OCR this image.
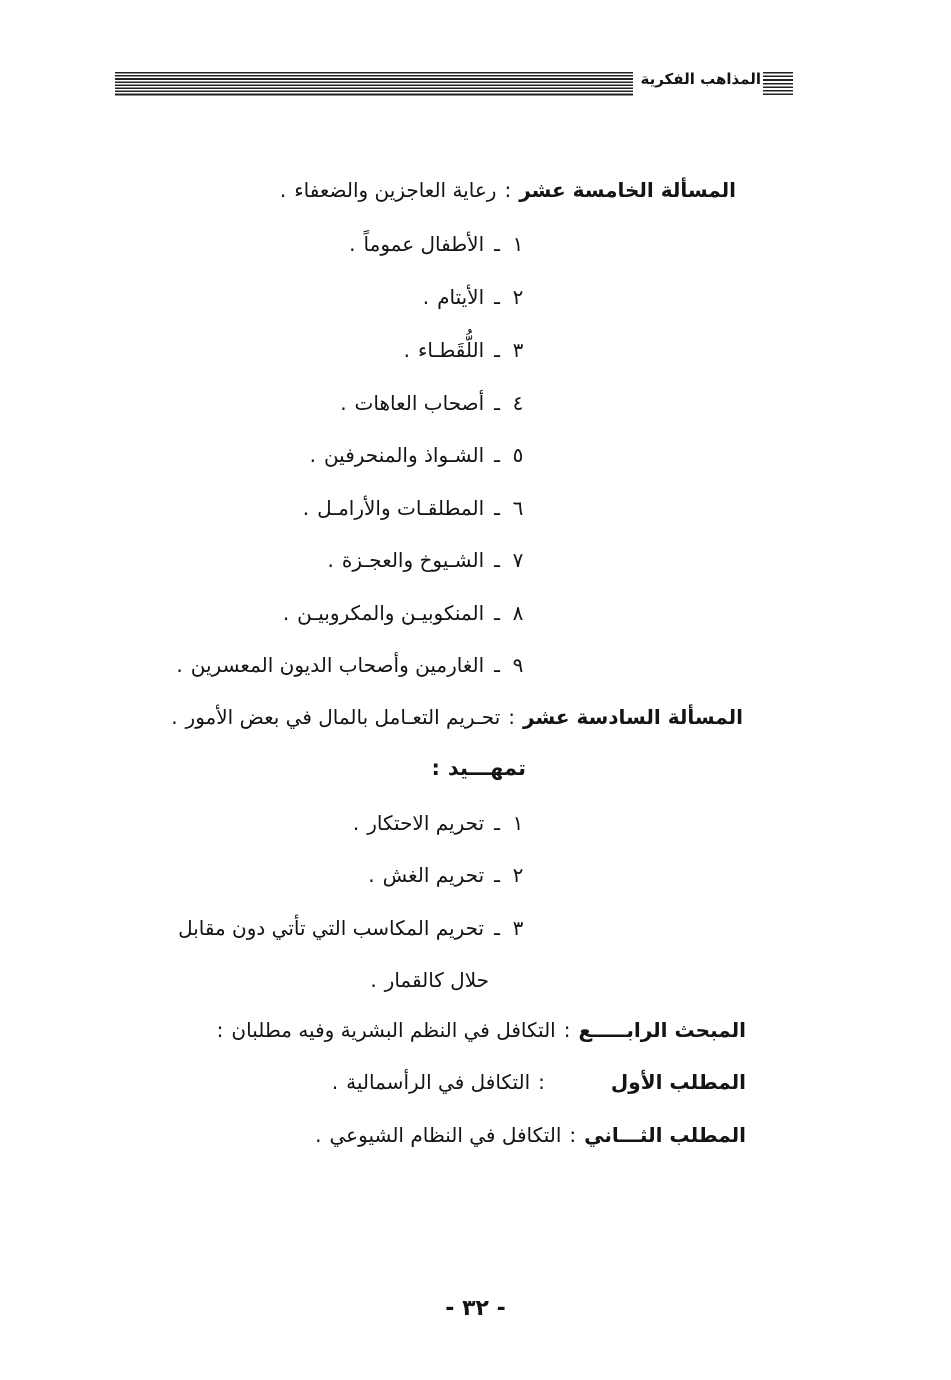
المذاهب الفكرية
المسألة الخامسة عشر:رعاية العاجزين والضعفاء.
١ـالأطفال عموماً.
٢ـالأيتام.
٣ـاللُّقَطـاء.
٤ـأصحاب العاهات.
٥ـالشـواذ والمنحرفين.
٦ـالمطلقـات والأرامـل.
٧ـالشـيوخ والعجـزة.
٨ـالمنكوبيـن والمكروبيـن.
٩ـالغارمين وأصحاب الديون المعسرين.
المسألة السادسة عشر:تحـريم التعـامل بالمال في بعض الأمور.
تمهـــيد:
١ـتحريم الاحتكار.
٢ـتحريم الغش.
٣ـتحريم المكاسب التي تأتي دون مقابل
حلال كالقمار.
المبحث الرابـــــع:التكافل في النظم البشرية وفيه مطلبان:
المطلب الأول:التكافل في الرأسمالية.
المطلب الثـــاني:التكافل في النظام الشيوعي.
- ٣٢ -
